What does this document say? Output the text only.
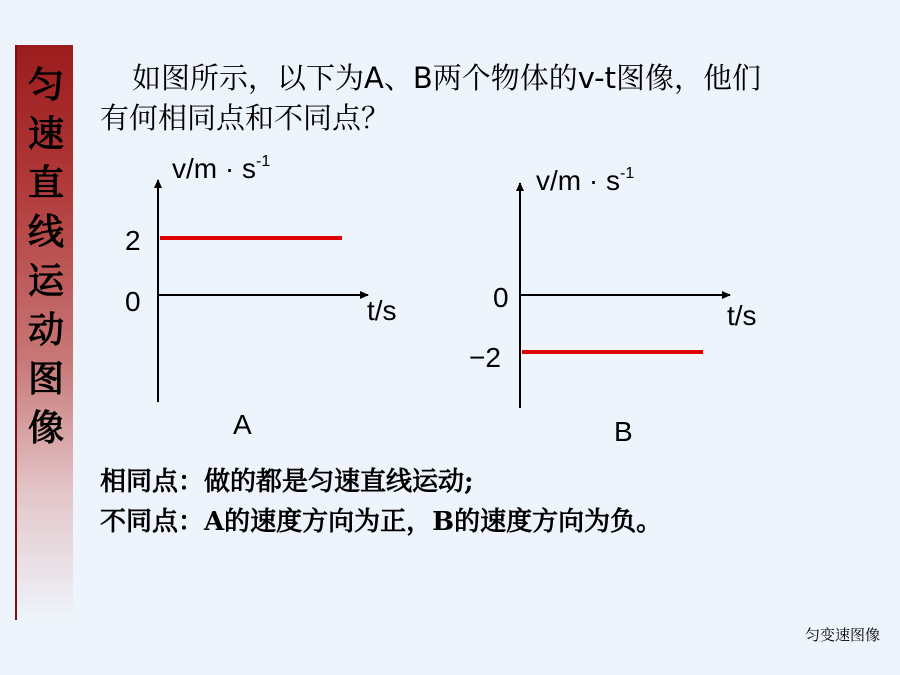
匀
速
直
线
运
动
图
像
如图所示，以下为A、B两个物体的v-t图像，他们
有何相同点和不同点？
$v/m \cdot s^{-1}$
2
0	t/s
A
$v/m \cdot s^{-1}$
0
−2
t/s
B
相同点：做的都是匀速直线运动;
不同点：A的速度方向为正，B的速度方向为负。
匀变速图像
